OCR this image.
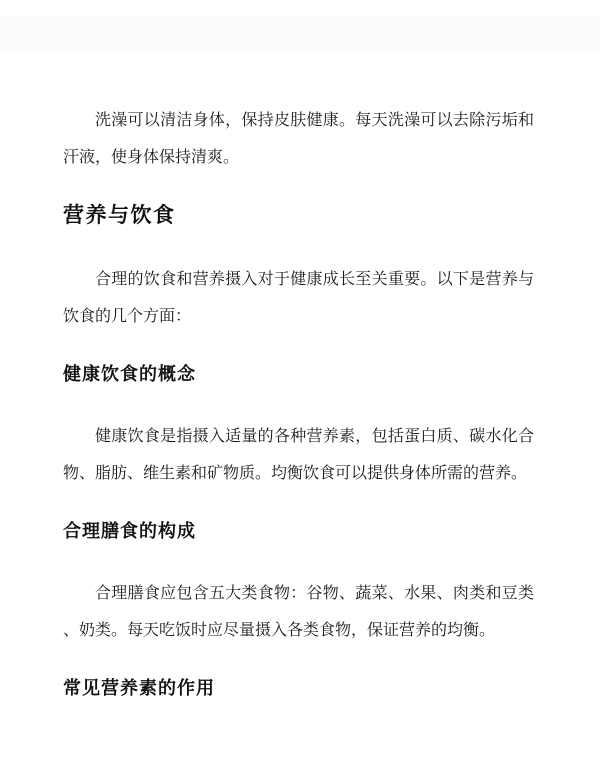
洗澡可以清洁身体，保持皮肤健康。每天洗澡可以去除污垢和
汗液，使身体保持清爽。

营养与饮食

合理的饮食和营养摄入对于健康成长至关重要。以下是营养与
饮食的几个方面：

健康饮食的概念

健康饮食是指摄入适量的各种营养素，包括蛋白质、碳水化合
物、脂肪、维生素和矿物质。均衡饮食可以提供身体所需的营养。

合理膳食的构成

合理膳食应包含五大类食物：谷物、蔬菜、水果、肉类和豆类
、奶类。每天吃饭时应尽量摄入各类食物，保证营养的均衡。

常见营养素的作用
